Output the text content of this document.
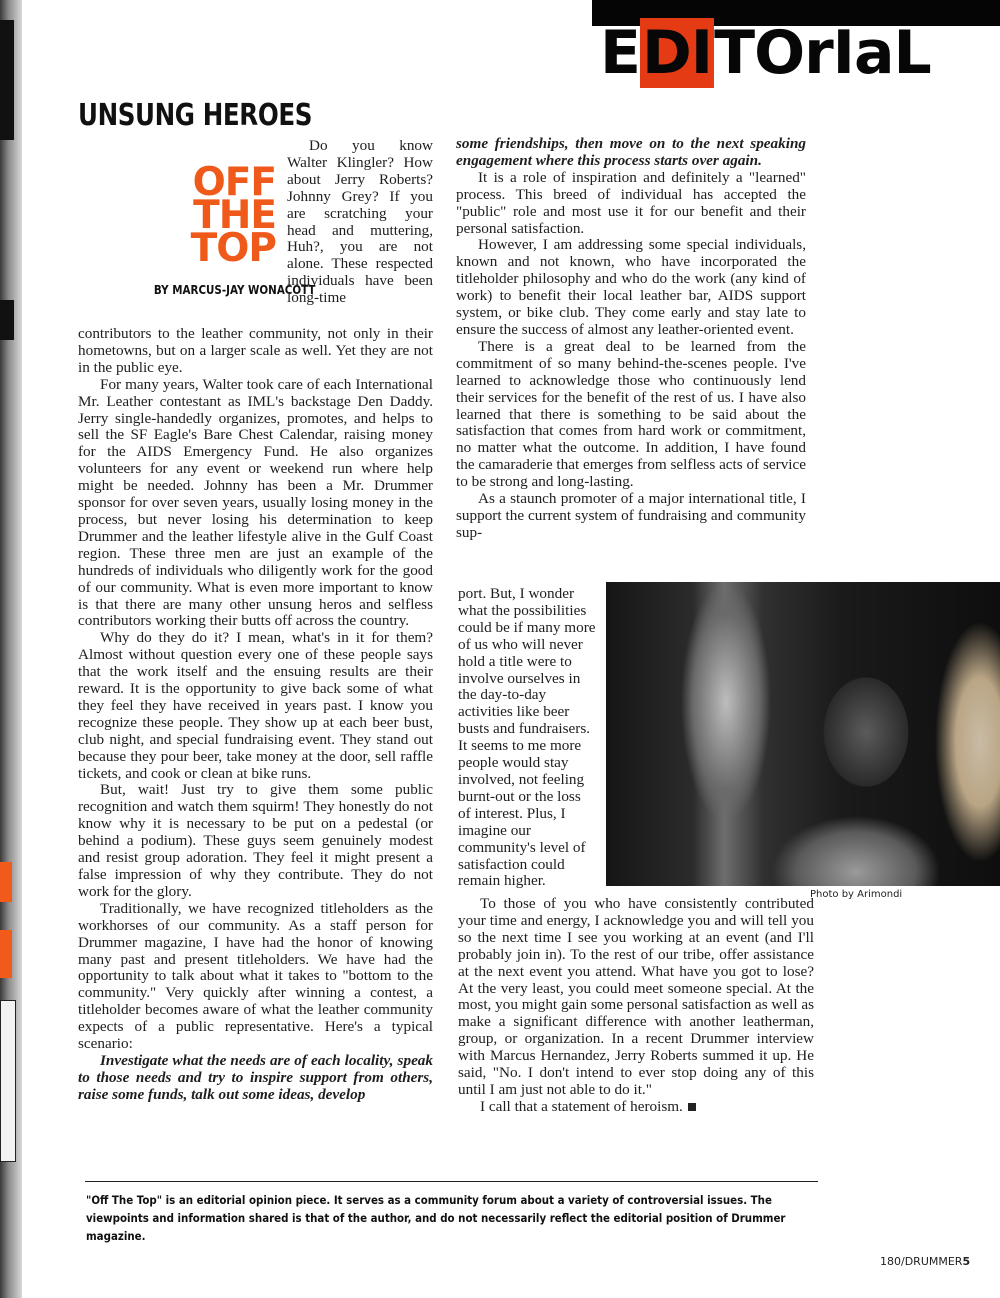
EDITOrIaL
UNSUNG HEROES
OFF
THE
TOP
BY MARCUS-JAY WONACOTT

Do you know Walter Klingler? How about Jerry Roberts? Johnny Grey? If you are scratching your head and muttering, Huh?, you are not alone. These respected individuals have been long-time

contributors to the leather community, not only in their hometowns, but on a larger scale as well. Yet they are not in the public eye.

For many years, Walter took care of each International Mr. Leather contestant as IML's backstage Den Daddy. Jerry single-handedly organizes, promotes, and helps to sell the SF Eagle's Bare Chest Calendar, raising money for the AIDS Emergency Fund. He also organizes volunteers for any event or weekend run where help might be needed. Johnny has been a Mr. Drummer sponsor for over seven years, usually losing money in the process, but never losing his determination to keep Drummer and the leather lifestyle alive in the Gulf Coast region. These three men are just an example of the hundreds of individuals who diligently work for the good of our community. What is even more important to know is that there are many other unsung heros and selfless contributors working their butts off across the country.

Why do they do it? I mean, what's in it for them? Almost without question every one of these people says that the work itself and the ensuing results are their reward. It is the opportunity to give back some of what they feel they have received in years past. I know you recognize these people. They show up at each beer bust, club night, and special fundraising event. They stand out because they pour beer, take money at the door, sell raffle tickets, and cook or clean at bike runs.

But, wait! Just try to give them some public recognition and watch them squirm! They honestly do not know why it is necessary to be put on a pedestal (or behind a podium). These guys seem genuinely modest and resist group adoration. They feel it might present a false impression of why they contribute. They do not work for the glory.

Traditionally, we have recognized titleholders as the workhorses of our community. As a staff person for Drummer magazine, I have had the honor of knowing many past and present titleholders. We have had the opportunity to talk about what it takes to "bottom to the community." Very quickly after winning a contest, a titleholder becomes aware of what the leather community expects of a public representative. Here's a typical scenario:

Investigate what the needs are of each locality, speak to those needs and try to inspire support from others, raise some funds, talk out some ideas, develop

some friendships, then move on to the next speaking engagement where this process starts over again.

It is a role of inspiration and definitely a "learned" process. This breed of individual has accepted the "public" role and most use it for our benefit and their personal satisfaction.

However, I am addressing some special individuals, known and not known, who have incorporated the titleholder philosophy and who do the work (any kind of work) to benefit their local leather bar, AIDS support system, or bike club. They come early and stay late to ensure the success of almost any leather-oriented event.

There is a great deal to be learned from the commitment of so many behind-the-scenes people. I've learned to acknowledge those who continuously lend their services for the benefit of the rest of us. I have also learned that there is something to be said about the satisfaction that comes from hard work or commitment, no matter what the outcome. In addition, I have found the camaraderie that emerges from selfless acts of service to be strong and long-lasting.

As a staunch promoter of a major international title, I support the current system of fundraising and community sup-

port. But, I wonder what the possibilities could be if many more of us who will never hold a title were to involve ourselves in the day-to-day activities like beer busts and fundraisers. It seems to me more people would stay involved, not feeling burnt-out or the loss of interest. Plus, I imagine our community's level of satisfaction could remain higher.

Photo by Arimondi

To those of you who have consistently contributed your time and energy, I acknowledge you and will tell you so the next time I see you working at an event (and I'll probably join in). To the rest of our tribe, offer assistance at the next event you attend. What have you got to lose? At the very least, you could meet someone special. At the most, you might gain some personal satisfaction as well as make a significant difference with another leatherman, group, or organization. In a recent Drummer interview with Marcus Hernandez, Jerry Roberts summed it up. He said, "No. I don't intend to ever stop doing any of this until I am just not able to do it."

I call that a statement of heroism.

"Off The Top" is an editorial opinion piece. It serves as a community forum about a variety of controversial issues. The viewpoints and information shared is that of the author, and do not necessarily reflect the editorial position of Drummer magazine.
180/DRUMMER5
